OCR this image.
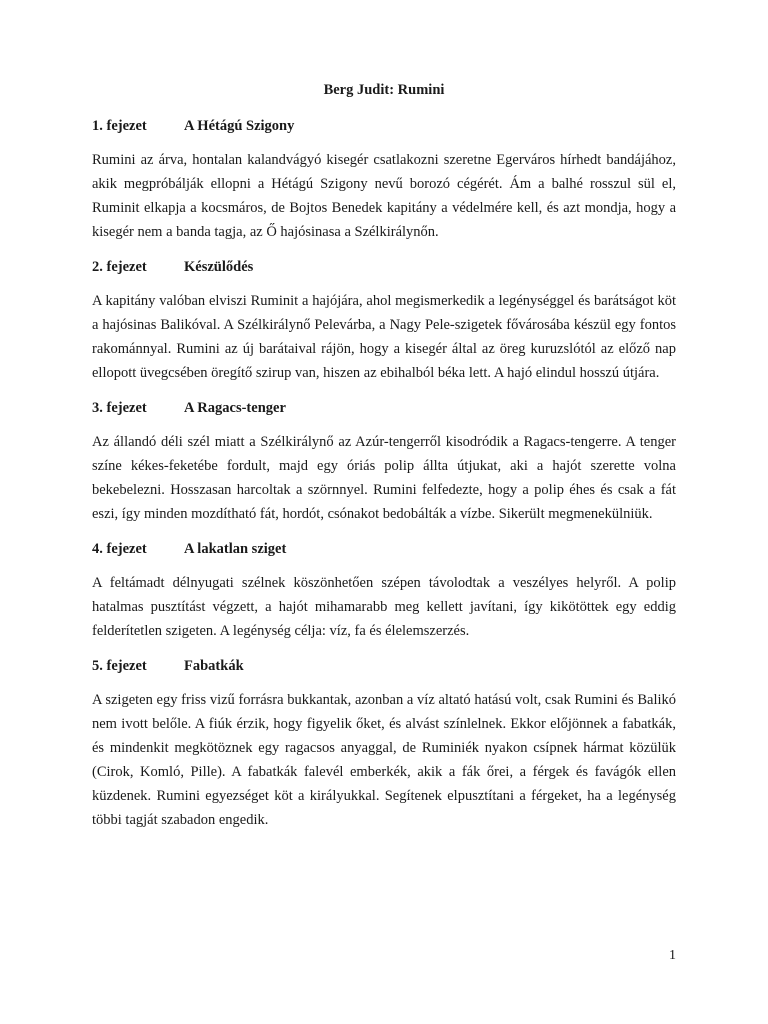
Berg Judit: Rumini
1. fejezet	A Hétágú Szigony

Rumini az árva, hontalan kalandvágyó kisegér csatlakozni szeretne Egerváros hírhedt bandájához, akik megpróbálják ellopni a Hétágú Szigony nevű borozó cégérét. Ám a balhé rosszul sül el, Ruminit elkapja a kocsmáros, de Bojtos Benedek kapitány a védelmére kell, és azt mondja, hogy a kisegér nem a banda tagja, az Ő hajósinasa a Szélkirálynőn.

2. fejezet	Készülődés

A kapitány valóban elviszi Ruminit a hajójára, ahol megismerkedik a legénységgel és barátságot köt a hajósinas Balikóval. A Szélkirálynő Pelevárba, a Nagy Pele-szigetek fővárosába készül egy fontos rakománnyal. Rumini az új barátaival rájön, hogy a kisegér által az öreg kuruzslótól az előző nap ellopott üvegcsében öregítő szirup van, hiszen az ebihalból béka lett. A hajó elindul hosszú útjára.

3. fejezet	A Ragacs-tenger

Az állandó déli szél miatt a Szélkirálynő az Azúr-tengerről kisodródik a Ragacs-tengerre. A tenger színe kékes-feketébe fordult, majd egy óriás polip állta útjukat, aki a hajót szerette volna bekebelezni. Hosszasan harcoltak a szörnnyel. Rumini felfedezte, hogy a polip éhes és csak a fát eszi, így minden mozdítható fát, hordót, csónakot bedobálták a vízbe. Sikerült megmenekülniük.

4. fejezet	A lakatlan sziget

A feltámadt délnyugati szélnek köszönhetően szépen távolodtak a veszélyes helyről. A polip hatalmas pusztítást végzett, a hajót mihamarabb meg kellett javítani, így kikötöttek egy eddig felderítetlen szigeten. A legénység célja: víz, fa és élelemszerzés.

5. fejezet	Fabatkák

A szigeten egy friss vizű forrásra bukkantak, azonban a víz altató hatású volt, csak Rumini és Balikó nem ivott belőle. A fiúk érzik, hogy figyelik őket, és alvást színlelnek. Ekkor előjönnek a fabatkák, és mindenkit megkötöznek egy ragacsos anyaggal, de Ruminiék nyakon csípnek hármat közülük (Cirok, Komló, Pille). A fabatkák falevél emberkék, akik a fák őrei, a férgek és favágók ellen küzdenek. Rumini egyezséget köt a királyukkal. Segítenek elpusztítani a férgeket, ha a legénység többi tagját szabadon engedik.

1
